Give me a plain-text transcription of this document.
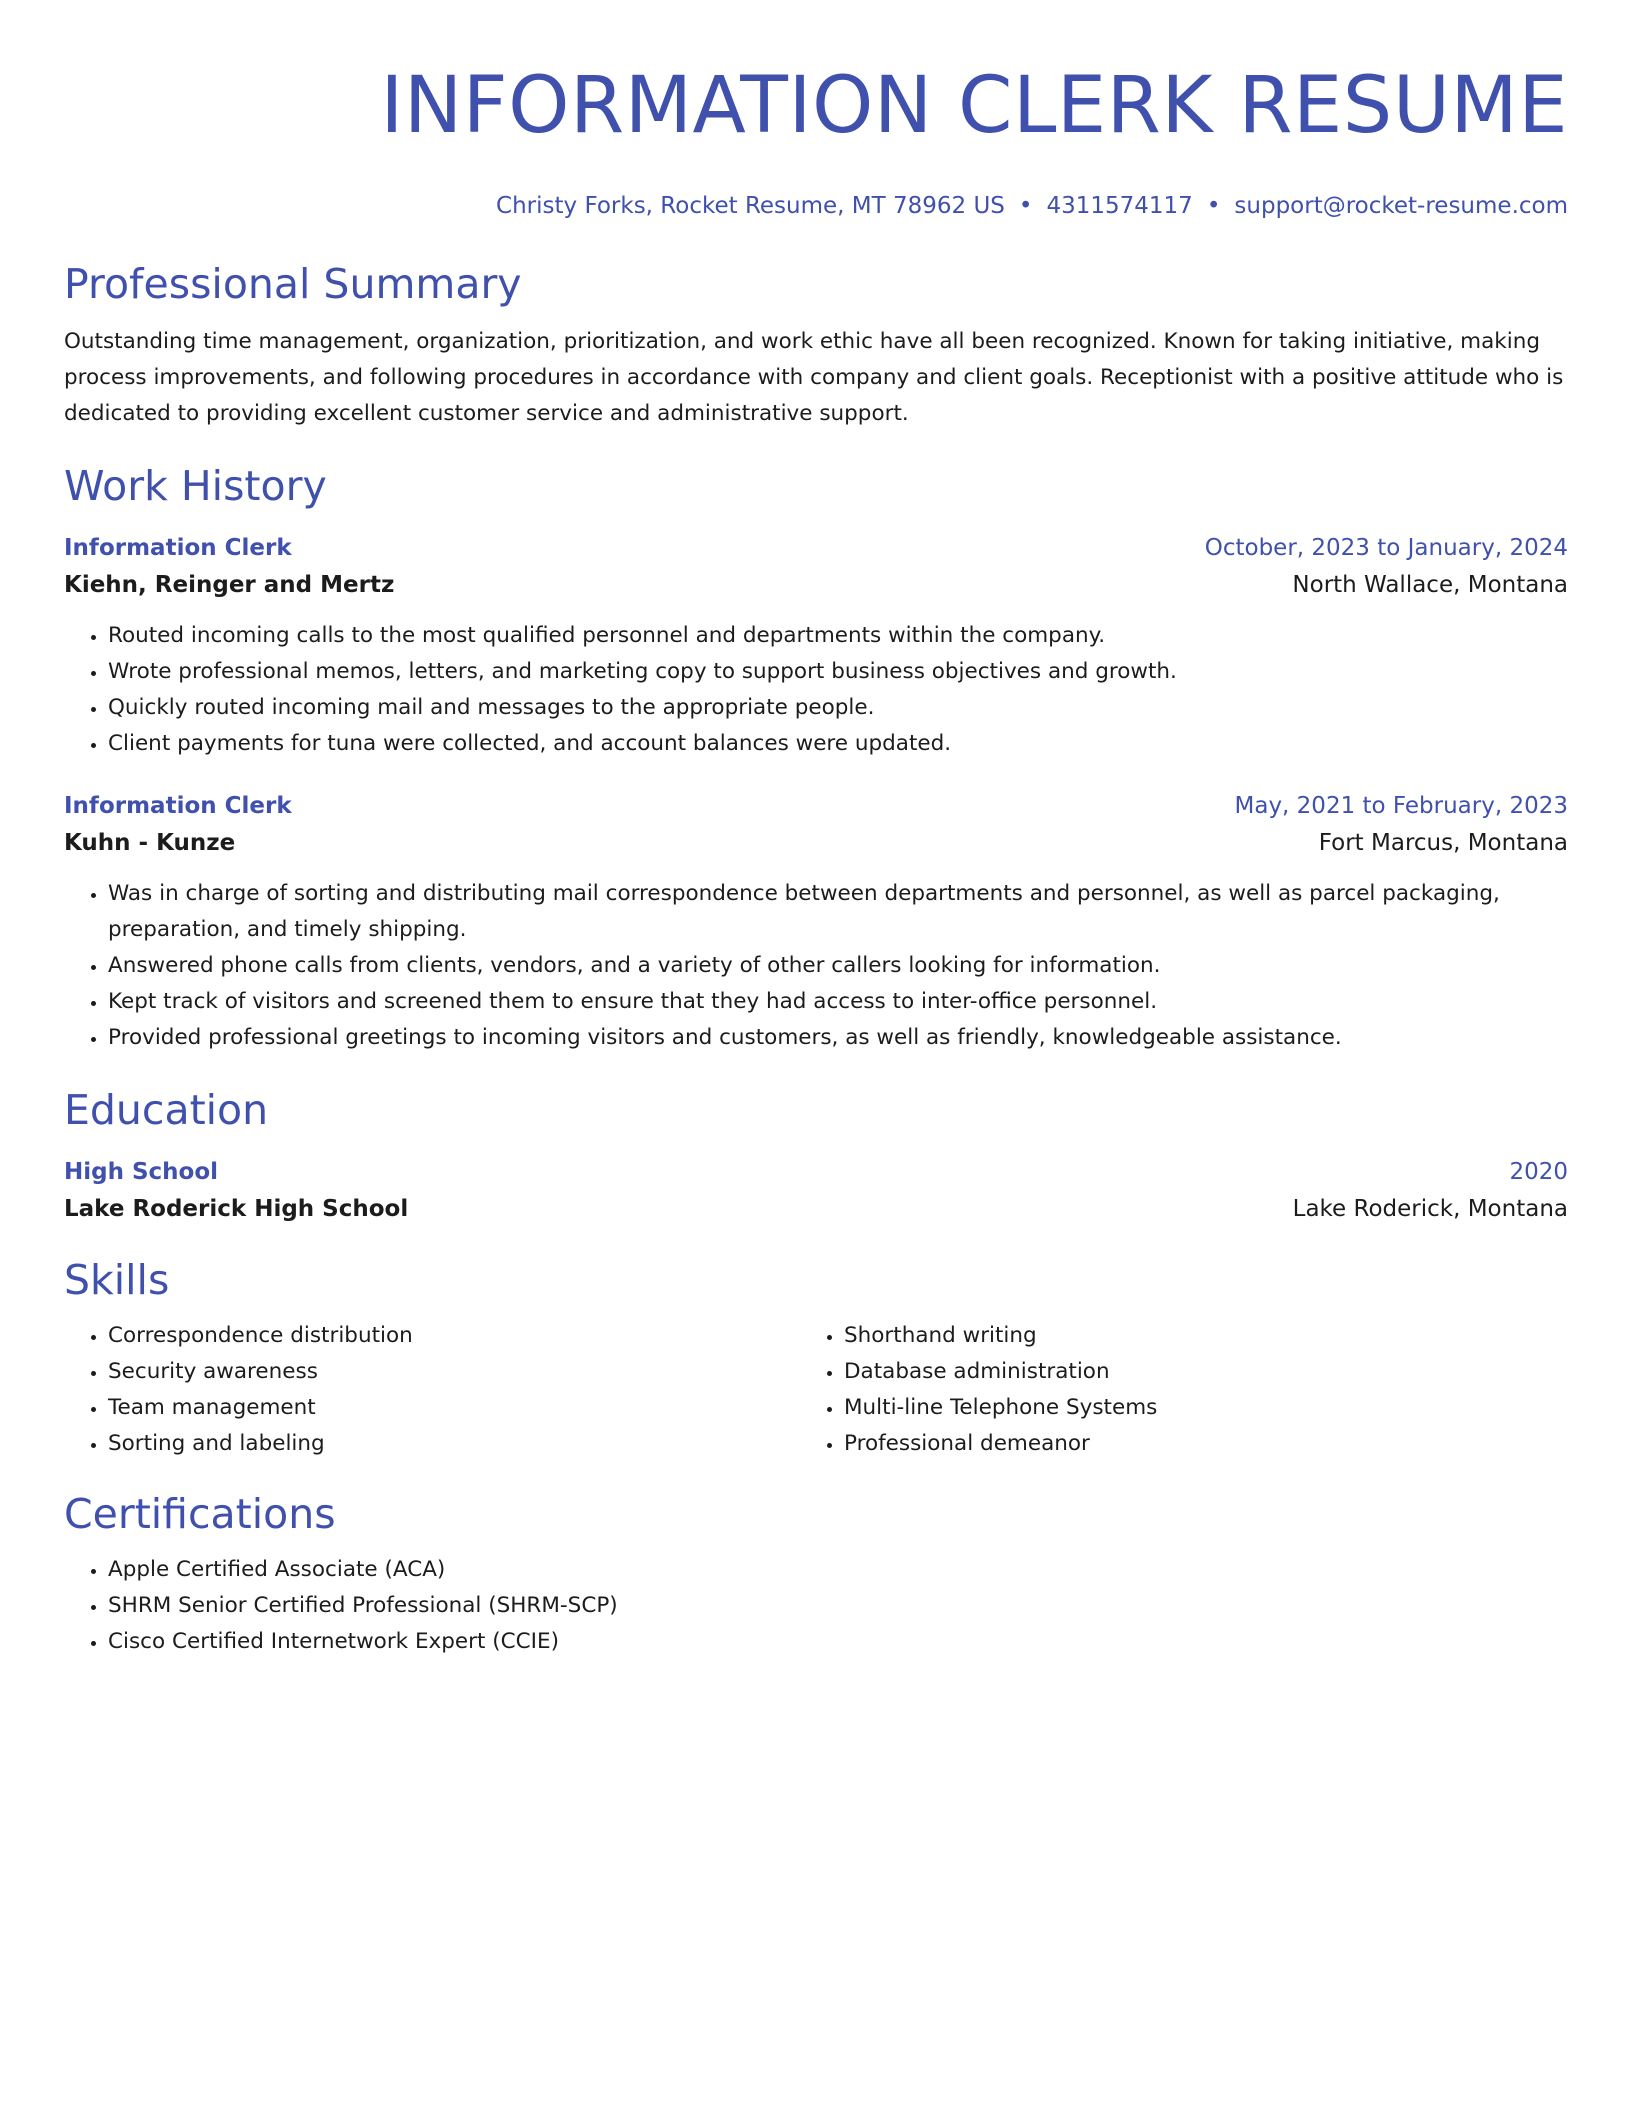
INFORMATION CLERK RESUME
Christy Forks, Rocket Resume, MT 78962 US • 4311574117 • support@rocket-resume.com
Professional Summary
Outstanding time management, organization, prioritization, and work ethic have all been recognized. Known for taking initiative, making process improvements, and following procedures in accordance with company and client goals. Receptionist with a positive attitude who is dedicated to providing excellent customer service and administrative support.
Work History
Information Clerk	October, 2023 to January, 2024
Kiehn, Reinger and Mertz	North Wallace, Montana
• Routed incoming calls to the most qualified personnel and departments within the company.
• Wrote professional memos, letters, and marketing copy to support business objectives and growth.
• Quickly routed incoming mail and messages to the appropriate people.
• Client payments for tuna were collected, and account balances were updated.
Information Clerk	May, 2021 to February, 2023
Kuhn - Kunze	Fort Marcus, Montana
• Was in charge of sorting and distributing mail correspondence between departments and personnel, as well as parcel packaging, preparation, and timely shipping.
• Answered phone calls from clients, vendors, and a variety of other callers looking for information.
• Kept track of visitors and screened them to ensure that they had access to inter-office personnel.
• Provided professional greetings to incoming visitors and customers, as well as friendly, knowledgeable assistance.
Education
High School	2020
Lake Roderick High School	Lake Roderick, Montana
Skills
• Correspondence distribution
• Security awareness
• Team management
• Sorting and labeling
• Shorthand writing
• Database administration
• Multi-line Telephone Systems
• Professional demeanor
Certifications
• Apple Certified Associate (ACA)
• SHRM Senior Certified Professional (SHRM-SCP)
• Cisco Certified Internetwork Expert (CCIE)
